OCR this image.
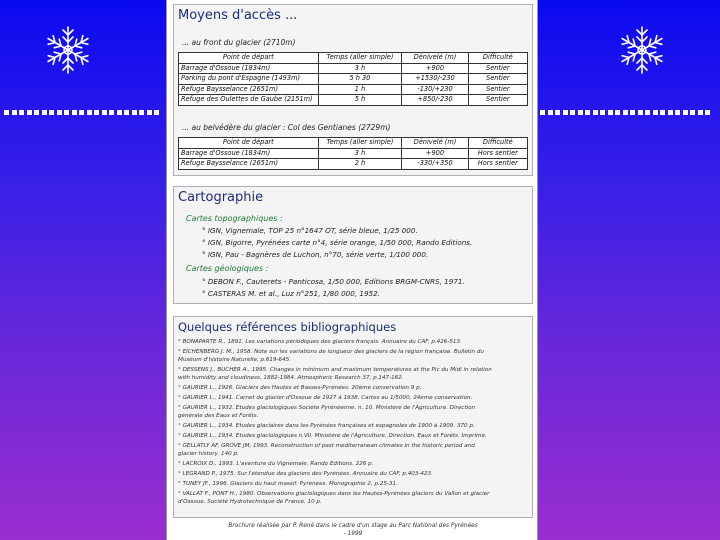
Moyens d'accès ...
... au front du glacier (2710m)
Point de départ	Temps (aller simple)	Dénivelé (m)	Difficulté
Barrage d'Ossoue (1834m)	3 h	+900	Sentier
Parking du pont d'Espagne (1493m)	5 h 30	+1530/-230	Sentier
Refuge Baysselance (2651m)	1 h	-130/+230	Sentier
Refuge des Oulettes de Gaube (2151m)	5 h	+850/-230	Sentier
... au belvédère du glacier : Col des Gentianes (2729m)
Point de départ	Temps (aller simple)	Dénivelé (m)	Difficulté
Barrage d'Ossoue (1834m)	3 h	+900	Hors sentier
Refuge Baysselance (2651m)	2 h	-330/+350	Hors sentier
Cartographie
Cartes topographiques :
° IGN, Vignemale, TOP 25 n°1647 OT, série bleue, 1/25 000.
° IGN, Bigorre, Pyrénées carte n°4, série orange, 1/50 000, Rando Editions.
° IGN, Pau - Bagnères de Luchon, n°70, série verte, 1/100 000.
Cartes géologiques :
° DEBON F., Cauterets - Panticosa, 1/50 000, Editions BRGM-CNRS, 1971.
° CASTERAS M. et al., Luz n°251, 1/80 000, 1952.
Quelques références bibliographiques
° BONAPARTE R., 1891. Les variations périodiques des glaciers français. Annuaire du CAF, p.426-513.
° EICHENBERG J. M., 1958. Note sur les variations de longueur des glaciers de la région française. Bulletin du
Muséum d'histoire Naturelle, p.619-645.
° DESSENS J., BÜCHER A., 1995. Changes in minimum and maximum temperatures at the Pic du Midi in relation
with humidity and cloudiness, 1882-1984. Atmospheric Research 37, p.147-162.
° GAURIER L., 1926. Glaciers des Hautes et Basses-Pyrénées. 20ème conservation 9 p.
° GAURIER L., 1941. Carnet du glacier d'Ossoue de 1927 à 1938. Cartes au 1/5000, 24ème conservation.
° GAURIER L., 1932. Etudes glaciologiques Société Pyrénéenne. n. 10. Ministère de l'Agriculture. Direction
générale des Eaux et Forêts.
° GAURIER L., 1934. Etudes glaciaires dans les Pyrénées françaises et espagnoles de 1900 à 1909. 370 p.
° GAURIER L., 1934. Etudes glaciologiques n.VII. Ministère de l'Agriculture. Direction. Eaux et Forêts. Imprimé.
° GELLATLY AF, GROVE JM, 1993. Reconstruction of past mediterranean climates in the historic period and
glacier history. 140 p.
° LACROIX D., 1993. L'aventure du Vignemale. Rando Editions. 226 p.
° LEGRAND P., 1975. Sur l'étendue des glaciers des Pyrénées. Annuaire du CAF, p.403-423.
° TUNEY JF., 1996. Glaciers du haut massif. Pyrénées. Monographie 2, p.25-31.
° VALLAT F., PONT H., 1980. Observations glaciologiques dans les Hautes-Pyrénées glaciers du Vallon et glacier
d'Ossoue. Société Hydrotechnique de France. 10 p.
Brochure réalisée par P. René dans le cadre d'un stage au Parc National des Pyrénées
- 1999
